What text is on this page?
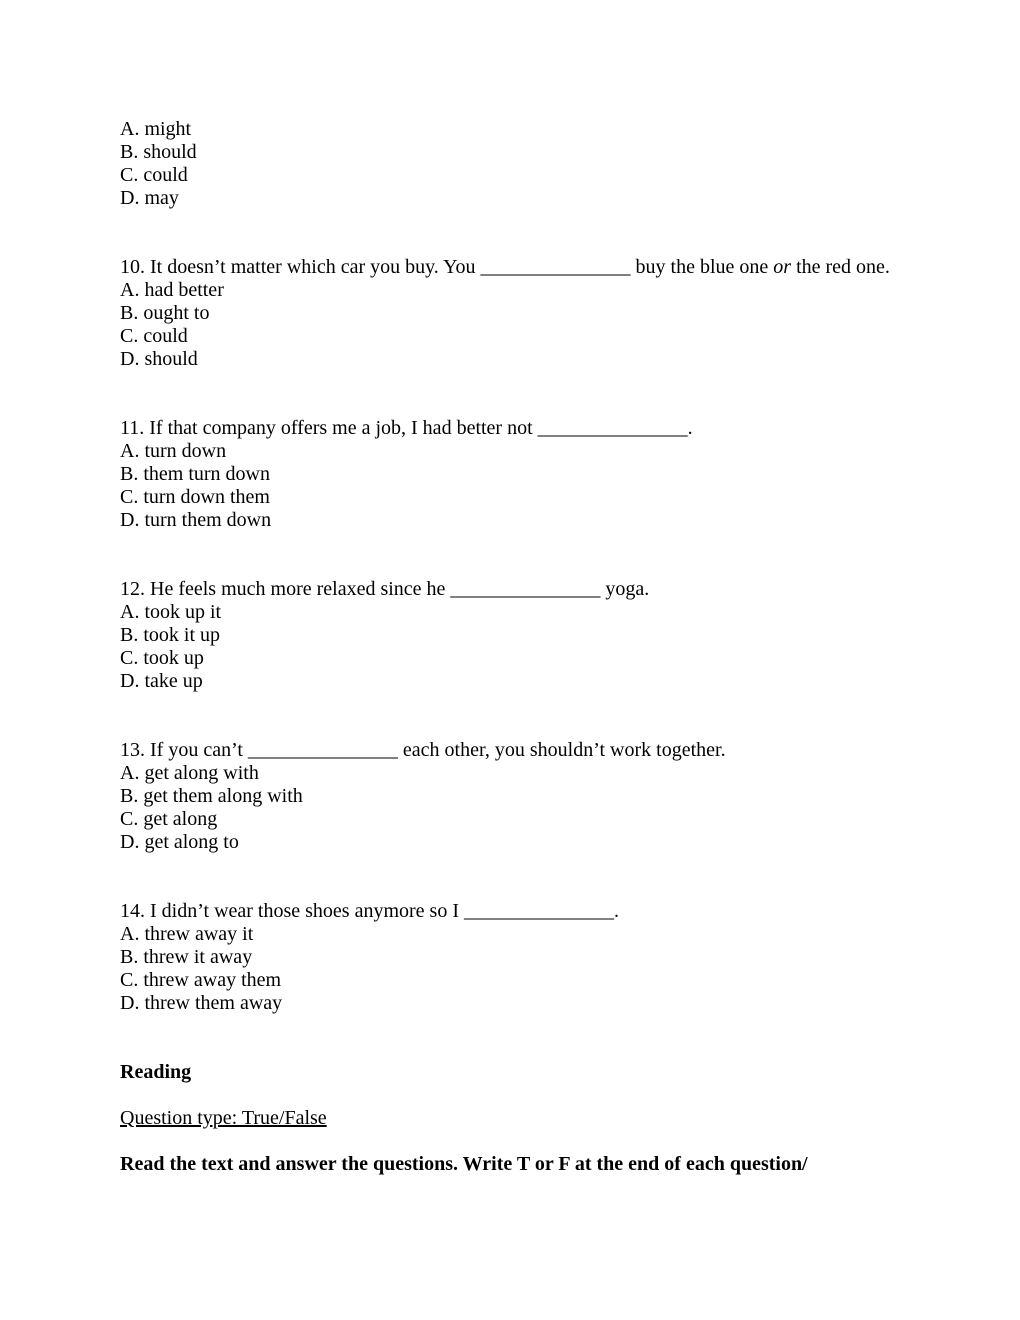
A. might
B. should
C. could
D. may
10. It doesn’t matter which car you buy. You _______________ buy the blue one or the red one.
A. had better
B. ought to
C. could
D. should
11. If that company offers me a job, I had better not _______________.
A. turn down
B. them turn down
C. turn down them
D. turn them down
12. He feels much more relaxed since he _______________ yoga.
A. took up it
B. took it up
C. took up
D. take up
13. If you can’t _______________ each other, you shouldn’t work together.
A. get along with
B. get them along with
C. get along
D. get along to
14. I didn’t wear those shoes anymore so I _______________.
A. threw away it
B. threw it away
C. threw away them
D. threw them away
Reading
Question type: True/False
Read the text and answer the questions. Write T or F at the end of each question/
